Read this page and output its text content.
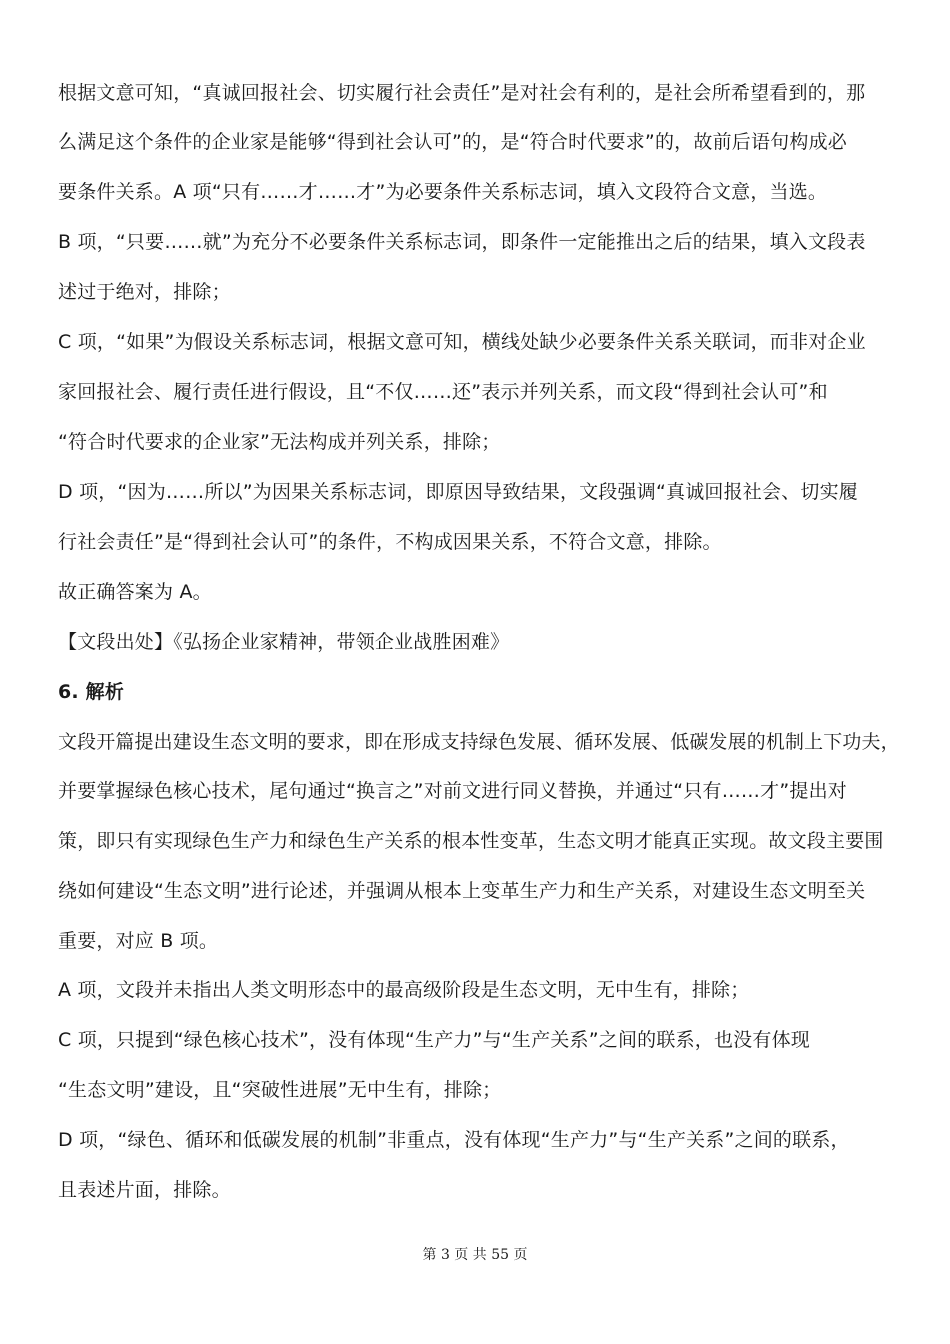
根据文意可知，“真诚回报社会、切实履行社会责任”是对社会有利的，是社会所希望看到的，那
么满足这个条件的企业家是能够“得到社会认可”的，是“符合时代要求”的，故前后语句构成必
要条件关系。A 项“只有……才……才”为必要条件关系标志词，填入文段符合文意，当选。
B 项，“只要……就”为充分不必要条件关系标志词，即条件一定能推出之后的结果，填入文段表
述过于绝对，排除；
C 项，“如果”为假设关系标志词，根据文意可知，横线处缺少必要条件关系关联词，而非对企业
家回报社会、履行责任进行假设，且“不仅……还”表示并列关系，而文段“得到社会认可”和
“符合时代要求的企业家”无法构成并列关系，排除；
D 项，“因为……所以”为因果关系标志词，即原因导致结果，文段强调“真诚回报社会、切实履
行社会责任”是“得到社会认可”的条件，不构成因果关系，不符合文意，排除。
故正确答案为 A。
【文段出处】《弘扬企业家精神，带领企业战胜困难》
6. 解析
文段开篇提出建设生态文明的要求，即在形成支持绿色发展、循环发展、低碳发展的机制上下功夫，
并要掌握绿色核心技术，尾句通过“换言之”对前文进行同义替换，并通过“只有……才”提出对
策，即只有实现绿色生产力和绿色生产关系的根本性变革，生态文明才能真正实现。故文段主要围
绕如何建设“生态文明”进行论述，并强调从根本上变革生产力和生产关系，对建设生态文明至关
重要，对应 B 项。
A 项，文段并未指出人类文明形态中的最高级阶段是生态文明，无中生有，排除；
C 项，只提到“绿色核心技术”，没有体现“生产力”与“生产关系”之间的联系，也没有体现
“生态文明”建设，且“突破性进展”无中生有，排除；
D 项，“绿色、循环和低碳发展的机制”非重点，没有体现“生产力”与“生产关系”之间的联系，
且表述片面，排除。
第 3 页 共 55 页
